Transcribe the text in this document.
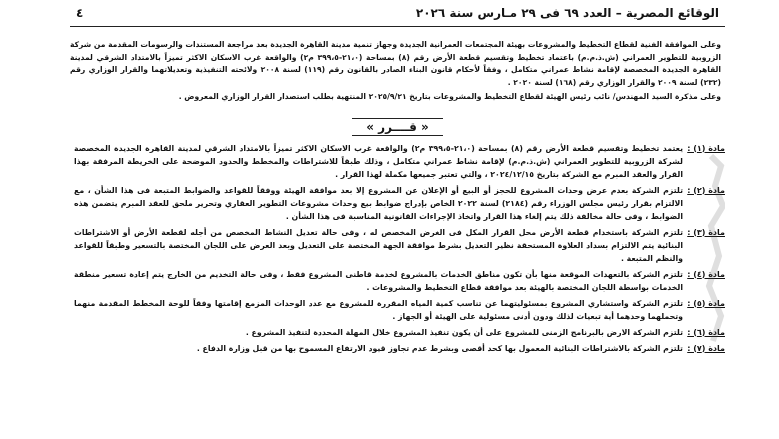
الوقائع المصرية – العدد ٦٩ فى ٢٩ مـارس سنة ٢٠٢٦
٤

وعلى الموافقة الفنية لقطاع التخطيط والمشروعات بهيئة المجتمعات العمرانية الجديدة وجهاز تنمية مدينة القاهرة الجديدة بعد مراجعة المستندات والرسومات المقدمة من شركة الزروبية للتطوير العمراني (ش.ذ.م.م) باعتماد تخطيط وتقسيم قطعة الأرض رقم (٨) بمساحة (٢١،٠-٣٩٩،٥ م٢) والواقعة غرب الاسكان الاكثر تميزاً بالامتداد الشرقي لمدينة القاهرة الجديدة المخصصة لإقامة نشاط عمراني متكامل ، وفقاً لأحكام قانون البناء الصادر بالقانون رقم (١١٩) لسنة ٢٠٠٨ ولائحته التنفيذية وتعديلاتهما والقرار الوزاري رقم (٢٣٢) لسنة ٢٠٠٩ والقرار الوزاري رقم (١٦٨) لسنة ٢٠٢٠ .

وعلى مذكرة السيد المهندس/ نائب رئيس الهيئة لقطاع التخطيط والمشروعات بتاريخ ٢٠٢٥/٩/٢١ المنتهية بطلب استصدار القرار الوزاري المعروض .

« قــــرر »
مادة (١) :
يعتمد تخطيط وتقسيم قطعة الأرض رقم (٨) بمساحة (٢١،٠-٣٩٩،٥ م٢) والواقعة غرب الاسكان الاكثر تميزاً بالامتداد الشرقي لمدينة القاهرة الجديدة المخصصة لشركة الزروبية للتطوير العمراني (ش.ذ.م.م) لإقامة نشاط عمراني متكامل ، وذلك طبقاً للاشتراطات والمخطط والحدود الموضحة على الخريطة المرفقة بهذا القرار والعقد المبرم مع الشركة بتاريخ ٢٠٢٤/١٢/١٥ ، والتي تعتبر جميعها مكملة لهذا القرار .
مادة (٢) :
تلتزم الشركة بعدم عرض وحدات المشروع للحجز أو البيع أو الإعلان عن المشروع إلا بعد موافقة الهيئة ووفقاً للقواعد والضوابط المتبعة فى هذا الشأن ، مع الالتزام بقرار رئيس مجلس الوزراء رقم (٢١٨٤) لسنة ٢٠٢٢ الخاص بإدراج ضوابط بيع وحدات مشروعات التطوير العقاري وتحرير ملحق للعقد المبرم يتضمن هذه الضوابط ، وفى حالة مخالفة ذلك يتم إلغاء هذا القرار واتخاذ الإجراءات القانونية المناسبة فى هذا الشأن .
مادة (٣) :
تلتزم الشركة باستخدام قطعة الأرض محل القرار المكل فى الغرض المخصص له ، وفى حالة تعديل النشاط المخصص من أجله لقطعة الأرض أو الاشتراطات البنائية يتم الالتزام بسداد العلاوة المستحقة نظير التعديل بشرط موافقة الجهة المختصة على التعديل وبعد العرض على اللجان المختصة بالتسعير وطبقاً للقواعد والنظم المتبعة .
مادة (٤) :
تلتزم الشركة بالتعهدات الموقعة منها بأن تكون مناطق الخدمات بالمشروع لخدمة قاطنى المشروع فقط ، وفى حالة التخديم من الخارج يتم إعادة تسعير منطقة الخدمات بواسطة اللجان المختصة بالهيئة بعد موافقة قطاع التخطيط والمشروعات .
مادة (٥) :
تلتزم الشركة واستشاري المشروع بمسئوليتهما عن تناسب كمية المياه المقررة للمشروع مع عدد الوحدات المزمع إقامتها وفقاً للوحة المخطط المقدمة منهما وتحملهما وحدهما أية تبعيات لذلك ودون أدنى مسئولية على الهيئة أو الجهاز .
مادة (٦) :
تلتزم الشركة الارض بالبرنامج الزمنى للمشروع على أن يكون تنفيذ المشروع خلال المهلة المحددة لتنفيذ المشروع .
مادة (٧) :
تلتزم الشركة بالاشتراطات البنائية المعمول بها كحد أقصى وبشرط عدم تجاوز قيود الارتفاع المسموح بها من قبل وزارة الدفاع .
